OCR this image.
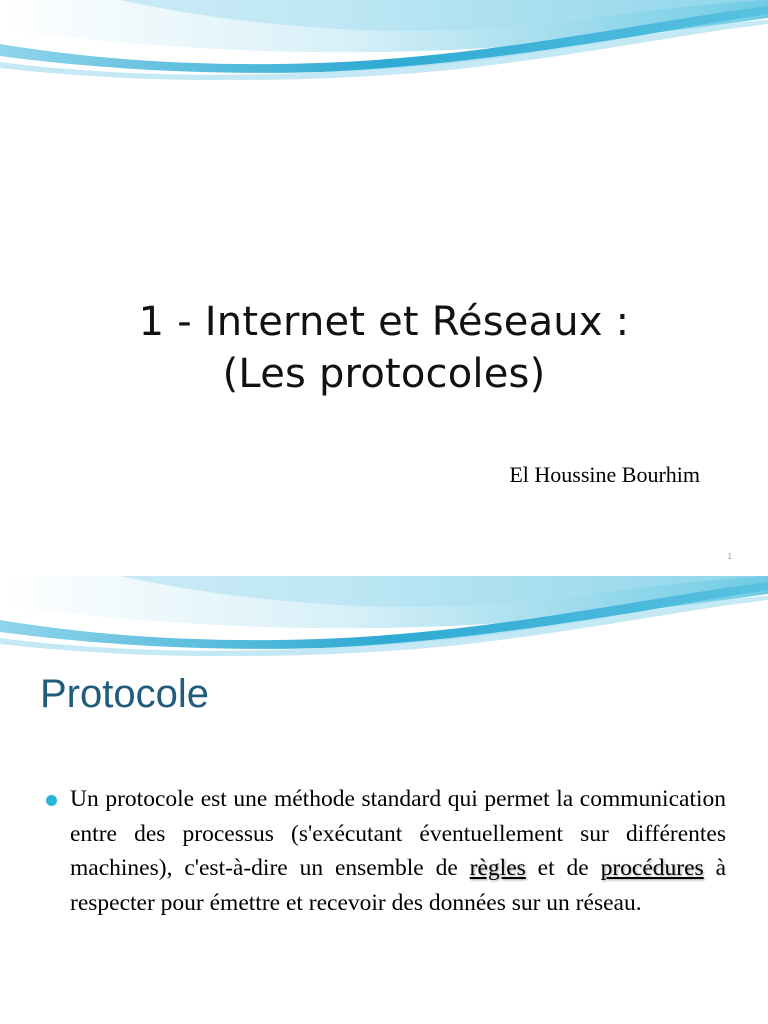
1 - Internet et Réseaux :
(Les protocoles)
El Houssine Bourhim
1
Protocole
Un protocole est une méthode standard qui permet la communication entre des processus (s'exécutant éventuellement sur différentes machines), c'est-à-dire un ensemble de règles et de procédures à respecter pour émettre et recevoir des données sur un réseau.
